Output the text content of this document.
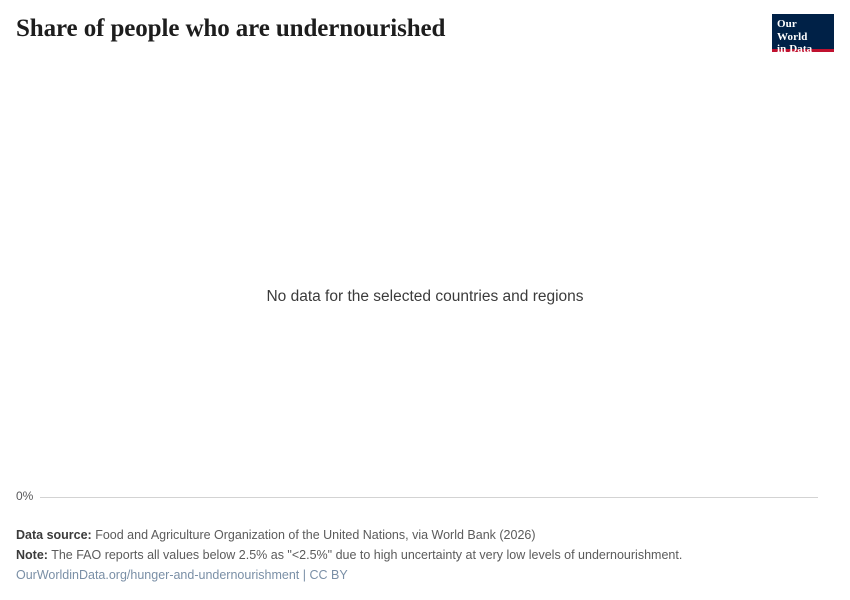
Share of people who are undernourished	Our World
in Data
No data for the selected countries and regions
0%
Data source: Food and Agriculture Organization of the United Nations, via World Bank (2026)
Note: The FAO reports all values below 2.5% as "<2.5%" due to high uncertainty at very low levels of undernourishment.
OurWorldinData.org/hunger-and-undernourishment | CC BY
